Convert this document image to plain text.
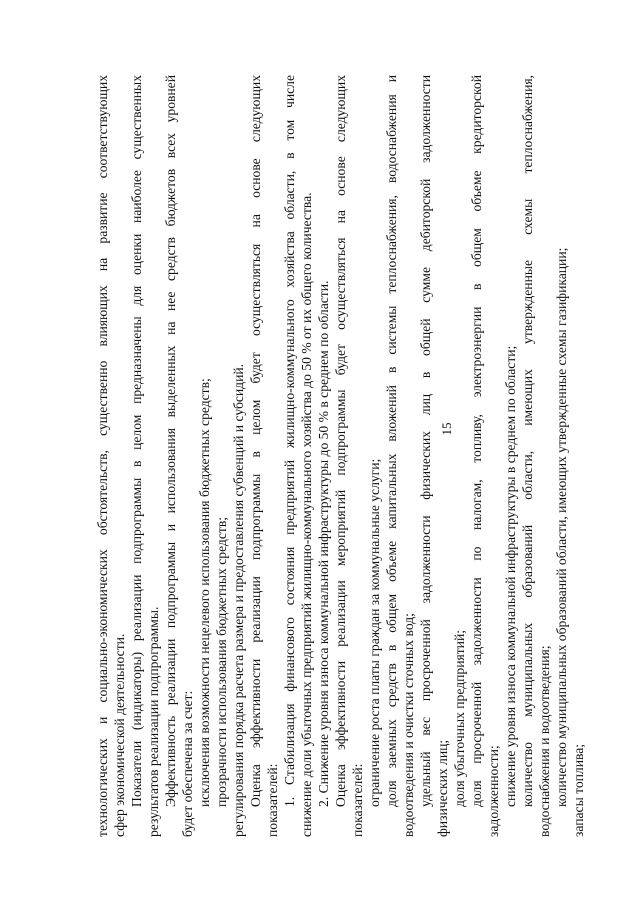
15
технологических и социально-экономических обстоятельств, существенно влияющих на развитие соответствующих сфер экономической деятельности. Показатели (индикаторы) реализации подпрограммы в целом предназначены для оценки наиболее существенных результатов реализации подпрограммы. Эффективность реализации подпрограммы и использования выделенных на нее средств бюджетов всех уровней будет обеспечена за счет: исключения возможности нецелевого использования бюджетных средств; прозрачности использования бюджетных средств; регулирования порядка расчета размера и предоставления субвенций и субсидий. Оценка эффективности реализации подпрограммы в целом будет осуществляться на основе следующих показателей: 1. Стабилизация финансового состояния предприятий жилищно-коммунального хозяйства области, в том числе снижение доли убыточных предприятий жилищно-коммунального хозяйства до 50 % от их общего количества. 2. Снижение уровня износа коммунальной инфраструктуры до 50 % в среднем по области. Оценка эффективности реализации мероприятий подпрограммы будет осуществляться на основе следующих показателей: ограничение роста платы граждан за коммунальные услуги; доля заемных средств в общем объеме капитальных вложений в системы теплоснабжения, водоснабжения и водоотведения и очистки сточных вод; удельный вес просроченной задолженности физических лиц в общей сумме дебиторской задолженности физических лиц; доля убыточных предприятий; доля просроченной задолженности по налогам, топливу, электроэнергии в общем объеме кредиторской задолженности; снижение уровня износа коммунальной инфраструктуры в среднем по области; количество муниципальных образований области, имеющих утвержденные схемы теплоснабжения, водоснабжения и водоотведения; количество муниципальных образований области, имеющих утвержденные схемы газификации; запасы топлива;
